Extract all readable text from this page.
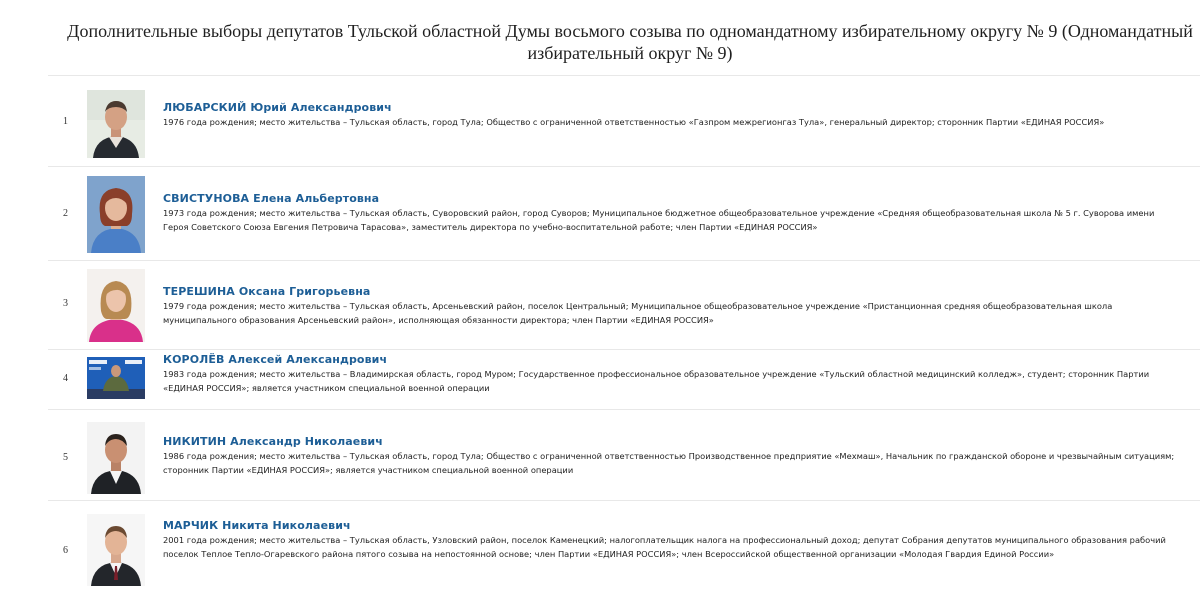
Дополнительные выборы депутатов Тульской областной Думы восьмого созыва по одномандатному избирательному округу № 9 (Одномандатный избирательный округ № 9)
1
ЛЮБАРСКИЙ Юрий Александрович
1976 года рождения; место жительства – Тульская область, город Тула; Общество с ограниченной ответственностью «Газпром межрегионгаз Тула», генеральный директор; сторонник Партии «ЕДИНАЯ РОССИЯ»
2
СВИСТУНОВА Елена Альбертовна
1973 года рождения; место жительства – Тульская область, Суворовский район, город Суворов; Муниципальное бюджетное общеобразовательное учреждение «Средняя общеобразовательная школа № 5 г. Суворова имени Героя Советского Союза Евгения Петровича Тарасова», заместитель директора по учебно-воспитательной работе; член Партии «ЕДИНАЯ РОССИЯ»
3
ТЕРЕШИНА Оксана Григорьевна
1979 года рождения; место жительства – Тульская область, Арсеньевский район, поселок Центральный; Муниципальное общеобразовательное учреждение «Пристанционная средняя общеобразовательная школа муниципального образования Арсеньевский район», исполняющая обязанности директора; член Партии «ЕДИНАЯ РОССИЯ»
4
КОРОЛЁВ Алексей Александрович
1983 года рождения; место жительства – Владимирская область, город Муром; Государственное профессиональное образовательное учреждение «Тульский областной медицинский колледж», студент; сторонник Партии «ЕДИНАЯ РОССИЯ»; является участником специальной военной операции
5
НИКИТИН Александр Николаевич
1986 года рождения; место жительства – Тульская область, город Тула; Общество с ограниченной ответственностью Производственное предприятие «Мехмаш», Начальник по гражданской обороне и чрезвычайным ситуациям; сторонник Партии «ЕДИНАЯ РОССИЯ»; является участником специальной военной операции
6
МАРЧИК Никита Николаевич
2001 года рождения; место жительства – Тульская область, Узловский район, поселок Каменецкий; налогоплательщик налога на профессиональный доход; депутат Собрания депутатов муниципального образования рабочий поселок Теплое Тепло-Огаревского района пятого созыва на непостоянной основе; член Партии «ЕДИНАЯ РОССИЯ»; член Всероссийской общественной организации «Молодая Гвардия Единой России»
